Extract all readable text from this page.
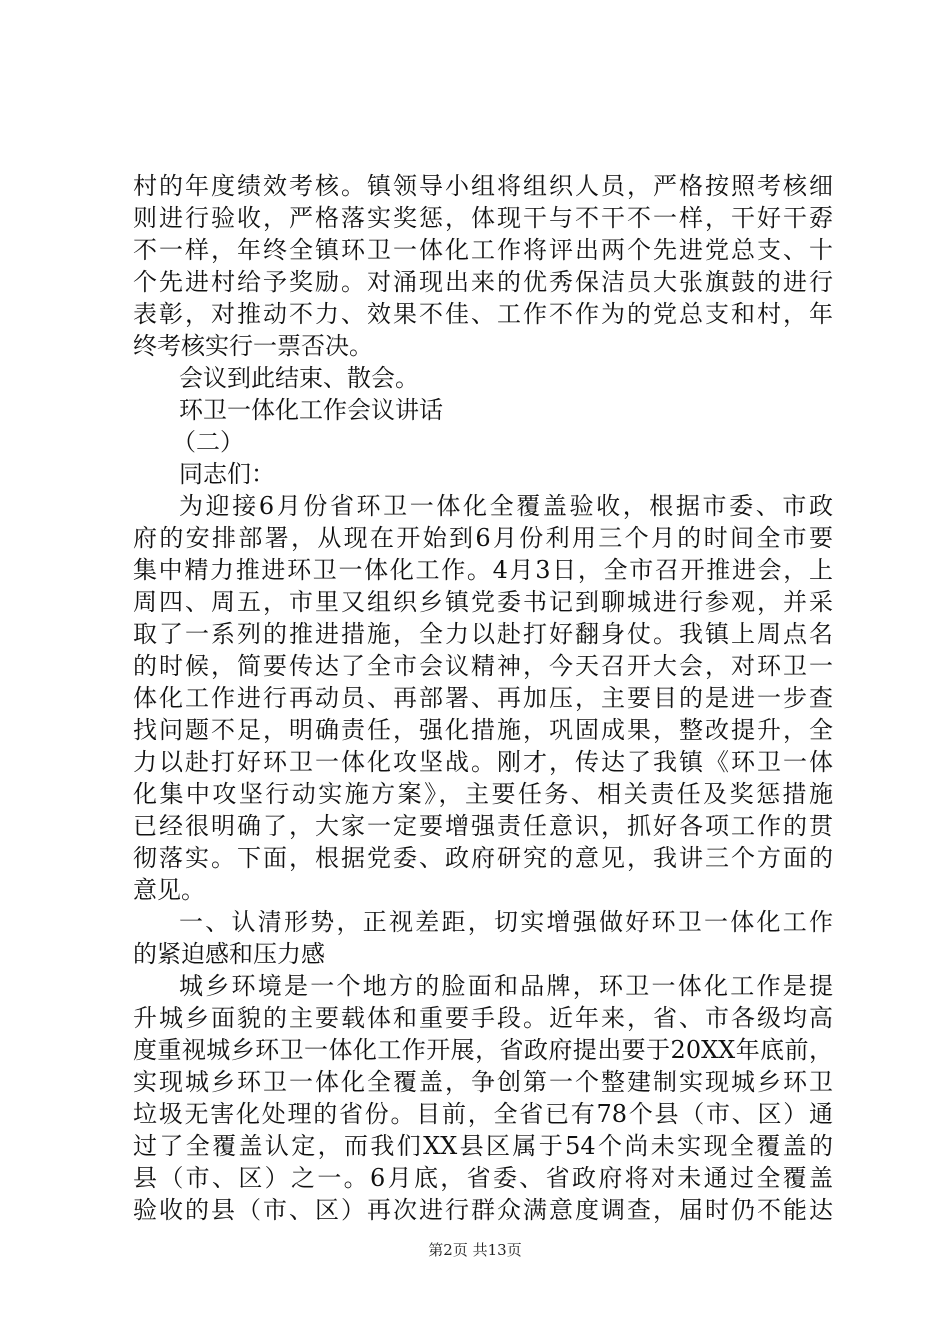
村的年度绩效考核。镇领导小组将组织人员，严格按照考核细
则进行验收，严格落实奖惩，体现干与不干不一样，干好干孬
不一样，年终全镇环卫一体化工作将评出两个先进党总支、十
个先进村给予奖励。对涌现出来的优秀保洁员大张旗鼓的进行
表彰，对推动不力、效果不佳、工作不作为的党总支和村，年
终考核实行一票否决。
会议到此结束、散会。
环卫一体化工作会议讲话
（二）
同志们：
为迎接6月份省环卫一体化全覆盖验收，根据市委、市政
府的安排部署，从现在开始到6月份利用三个月的时间全市要
集中精力推进环卫一体化工作。4月3日，全市召开推进会，上
周四、周五，市里又组织乡镇党委书记到聊城进行参观，并采
取了一系列的推进措施，全力以赴打好翻身仗。我镇上周点名
的时候，简要传达了全市会议精神，今天召开大会，对环卫一
体化工作进行再动员、再部署、再加压，主要目的是进一步查
找问题不足，明确责任，强化措施，巩固成果，整改提升，全
力以赴打好环卫一体化攻坚战。刚才，传达了我镇《环卫一体
化集中攻坚行动实施方案》，主要任务、相关责任及奖惩措施
已经很明确了，大家一定要增强责任意识，抓好各项工作的贯
彻落实。下面，根据党委、政府研究的意见，我讲三个方面的
意见。
一、认清形势，正视差距，切实增强做好环卫一体化工作
的紧迫感和压力感
城乡环境是一个地方的脸面和品牌，环卫一体化工作是提
升城乡面貌的主要载体和重要手段。近年来，省、市各级均高
度重视城乡环卫一体化工作开展，省政府提出要于20XX年底前，
实现城乡环卫一体化全覆盖，争创第一个整建制实现城乡环卫
垃圾无害化处理的省份。目前，全省已有78个县（市、区）通
过了全覆盖认定，而我们XX县区属于54个尚未实现全覆盖的
县（市、区）之一。6月底，省委、省政府将对未通过全覆盖
验收的县（市、区）再次进行群众满意度调查，届时仍不能达
第2页 共13页
